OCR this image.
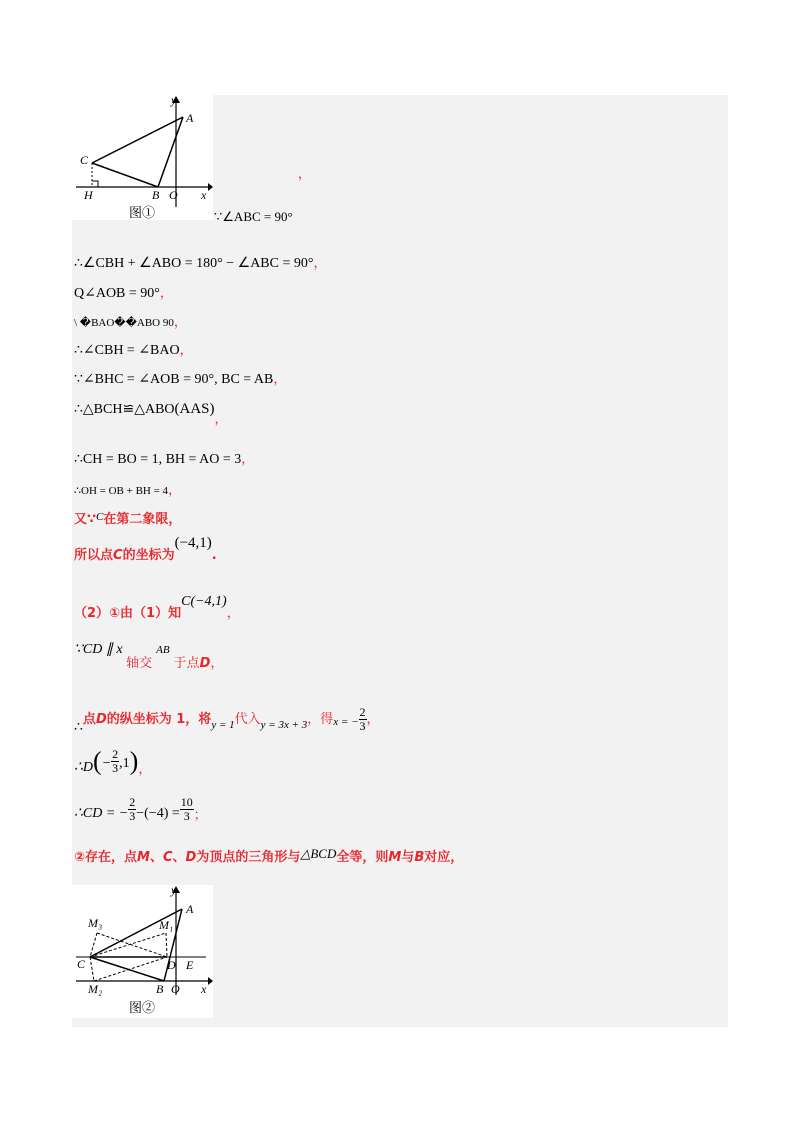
y
A
C
x
H	B O
图①
，
∵∠ABC = 90°
∴∠CBH + ∠ABO = 180° − ∠ABC = 90°，
Q∠AOB = 90°，
\ �BAO��ABO 90，
∴∠CBH = ∠BAO，
∵∠BHC = ∠AOB = 90°, BC = AB，
∴△BCH≌△ABO(AAS)，
∴CH = BO = 1, BH = AO = 3，
∴OH = OB + BH = 4，
又∵$^C$在第二象限，
所以点C的坐标为(−4,1).
（2）①由（1）知C(−4,1)，
∵CD ∥ x 轴交AB于点D，
∴点D的纵坐标为 1，将$_{y = 1}$代入$_{y = 3x + 3}$，得$_{x = -} \frac{2}{3}$ ，
∴D(− $\frac{2}{3} ,1$)，
∴CD = − $\frac{2}{3} -(-4) = \frac{10}{3}$ ；
②存在，点M、C、D为顶点的三角形与△BCD全等，则M与B对应，
y
A
M₃	M₁
C	D E
x
M₂	B O
图②
